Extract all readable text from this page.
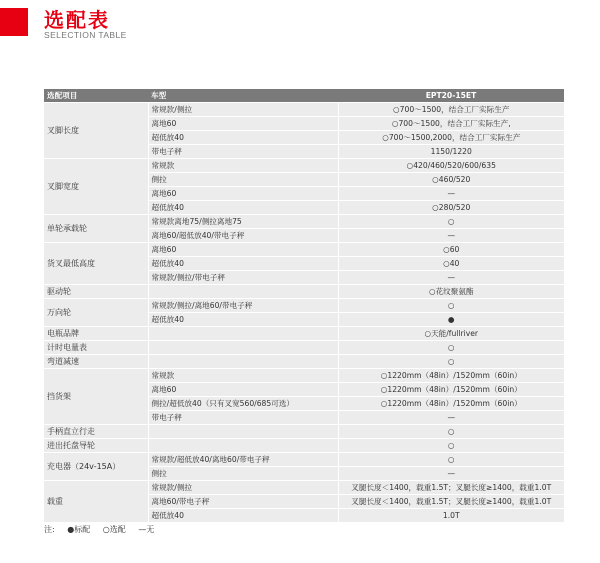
选配表
SELECTION TABLE
选配项目	车型	EPT20-15ET
叉脚长度	常规款/侧拉	○700～1500，结合工厂实际生产
	离地60	○700～1500，结合工厂实际生产,
	超低放40	○700～1500,2000，结合工厂实际生产
	带电子秤	1150/1220
叉脚宽度	常规款	○420/460/520/600/635
	侧拉	○460/520
	离地60	—
	超低放40	○280/520
单轮承载轮	常规款离地75/侧拉离地75	○
	离地60/超低放40/带电子秤	—
货叉最低高度	离地60	○60
	超低放40	○40
	常规款/侧拉/带电子秤	—
驱动轮		○花纹聚氨酯
万向轮	常规款/侧拉/离地60/带电子秤	○
	超低放40	●
电瓶品牌		○天能/fullriver
计时电量表		○
弯道减速		○
挡货架	常规款	○1220mm（48in）/1520mm（60in）
	离地60	○1220mm（48in）/1520mm（60in）
	侧拉/超低放40（只有叉宽560/685可选）	○1220mm（48in）/1520mm（60in）
	带电子秤	—
手柄直立行走		○
进出托盘导轮		○
充电器（24v-15A）	常规款/超低放40/离地60/带电子秤	○
	侧拉	—
载重	常规款/侧拉	叉腿长度＜1400，载重1.5T；叉腿长度≥1400，载重1.0T
	离地60/带电子秤	叉腿长度＜1400，载重1.5T；叉腿长度≥1400，载重1.0T
	超低放40	1.0T
注: ●标配 ○选配 —无
